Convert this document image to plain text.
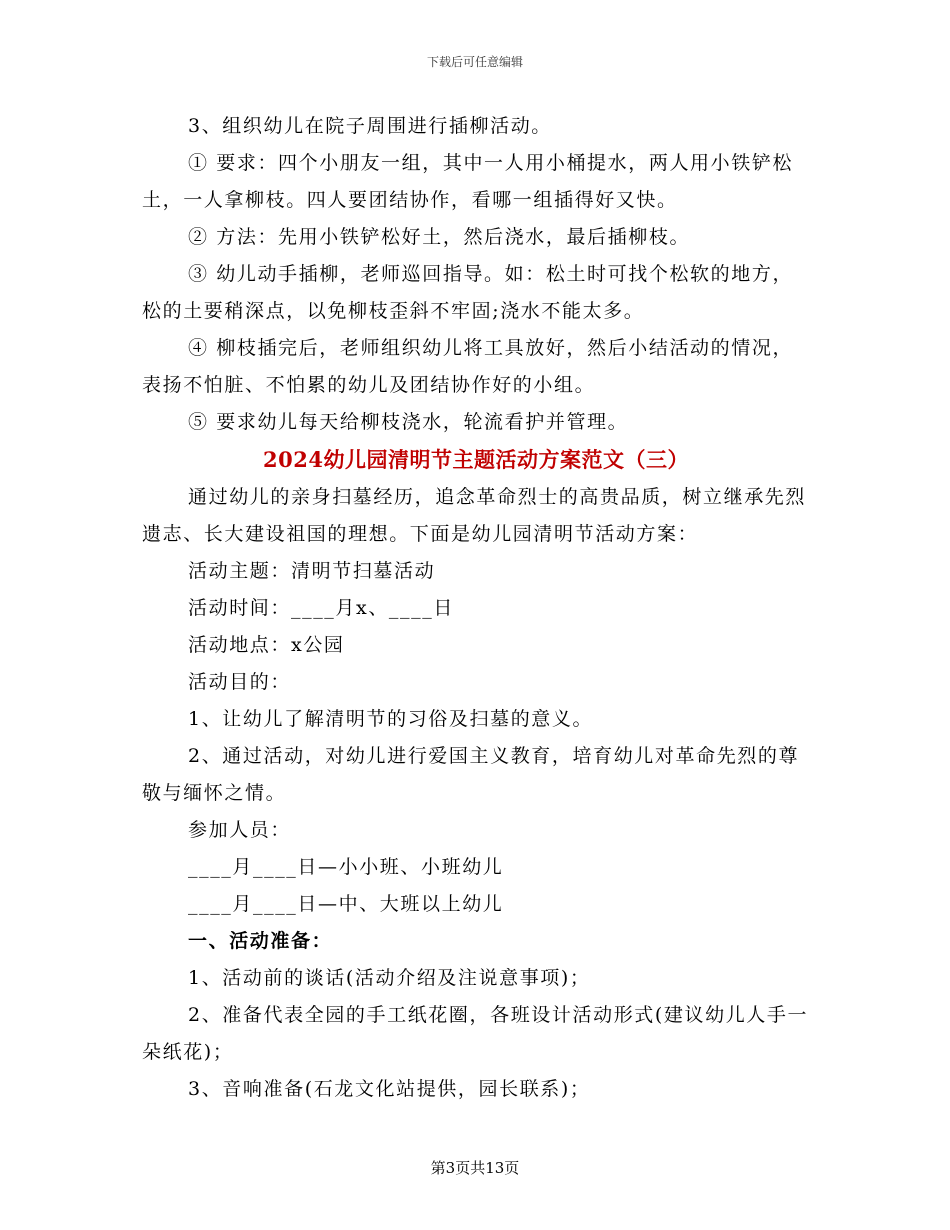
下载后可任意编辑

3、组织幼儿在院子周围进行插柳活动。

① 要求：四个小朋友一组，其中一人用小桶提水，两人用小铁铲松土，一人拿柳枝。四人要团结协作，看哪一组插得好又快。

② 方法：先用小铁铲松好土，然后浇水，最后插柳枝。

③ 幼儿动手插柳，老师巡回指导。如：松土时可找个松软的地方，松的土要稍深点，以免柳枝歪斜不牢固;浇水不能太多。

④ 柳枝插完后，老师组织幼儿将工具放好，然后小结活动的情况，表扬不怕脏、不怕累的幼儿及团结协作好的小组。

⑤ 要求幼儿每天给柳枝浇水，轮流看护并管理。

2024幼儿园清明节主题活动方案范文（三）

通过幼儿的亲身扫墓经历，追念革命烈士的高贵品质，树立继承先烈遗志、长大建设祖国的理想。下面是幼儿园清明节活动方案：

活动主题：清明节扫墓活动

活动时间：____月x、____日

活动地点：x公园

活动目的：

1、让幼儿了解清明节的习俗及扫墓的意义。

2、通过活动，对幼儿进行爱国主义教育，培育幼儿对革命先烈的尊敬与缅怀之情。

参加人员：

____月____日—小小班、小班幼儿

____月____日—中、大班以上幼儿

一、活动准备：

1、活动前的谈话(活动介绍及注说意事项)；

2、准备代表全园的手工纸花圈，各班设计活动形式(建议幼儿人手一朵纸花)；

3、音响准备(石龙文化站提供，园长联系)；

第3页共13页
